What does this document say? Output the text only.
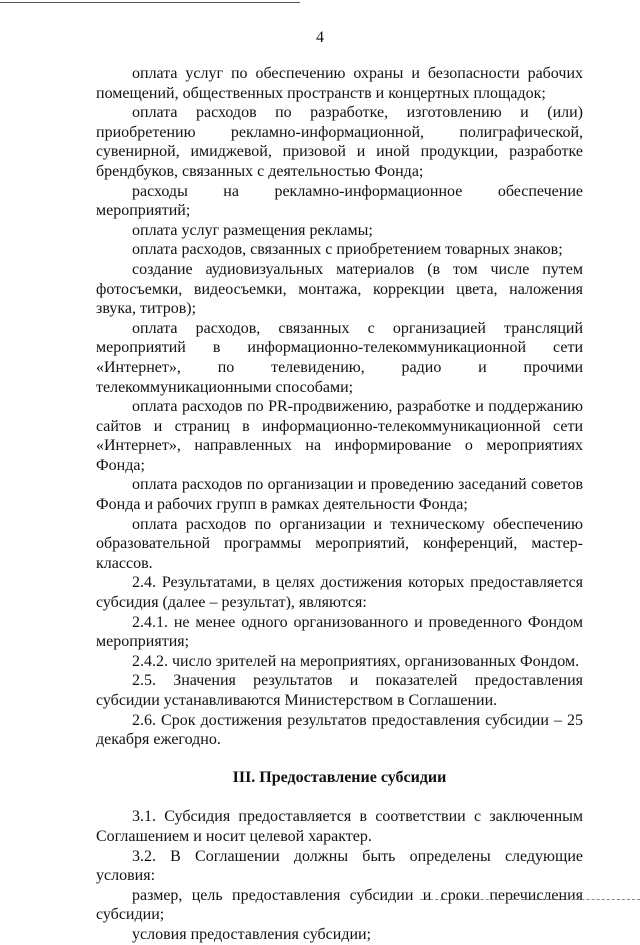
4

оплата услуг по обеспечению охраны и безопасности рабочих помещений, общественных пространств и концертных площадок;

оплата расходов по разработке, изготовлению и (или) приобретению рекламно-информационной, полиграфической, сувенирной, имиджевой, призовой и иной продукции, разработке брендбуков, связанных с деятельностью Фонда;

расходы на рекламно-информационное обеспечение мероприятий;

оплата услуг размещения рекламы;

оплата расходов, связанных с приобретением товарных знаков;

создание аудиовизуальных материалов (в том числе путем фотосъемки, видеосъемки, монтажа, коррекции цвета, наложения звука, титров);

оплата расходов, связанных с организацией трансляций мероприятий в информационно-телекоммуникационной сети «Интернет», по телевидению, радио и прочими телекоммуникационными способами;

оплата расходов по PR-продвижению, разработке и поддержанию сайтов и страниц в информационно-телекоммуникационной сети «Интернет», направленных на информирование о мероприятиях Фонда;

оплата расходов по организации и проведению заседаний советов Фонда и рабочих групп в рамках деятельности Фонда;

оплата расходов по организации и техническому обеспечению образовательной программы мероприятий, конференций, мастер-классов.

2.4. Результатами, в целях достижения которых предоставляется субсидия (далее – результат), являются:

2.4.1. не менее одного организованного и проведенного Фондом мероприятия;

2.4.2. число зрителей на мероприятиях, организованных Фондом.

2.5. Значения результатов и показателей предоставления субсидии устанавливаются Министерством в Соглашении.

2.6. Срок достижения результатов предоставления субсидии – 25 декабря ежегодно.

III. Предоставление субсидии

3.1. Субсидия предоставляется в соответствии с заключенным Соглашением и носит целевой характер.

3.2. В Соглашении должны быть определены следующие условия:

размер, цель предоставления субсидии и сроки перечисления субсидии;

условия предоставления субсидии;
